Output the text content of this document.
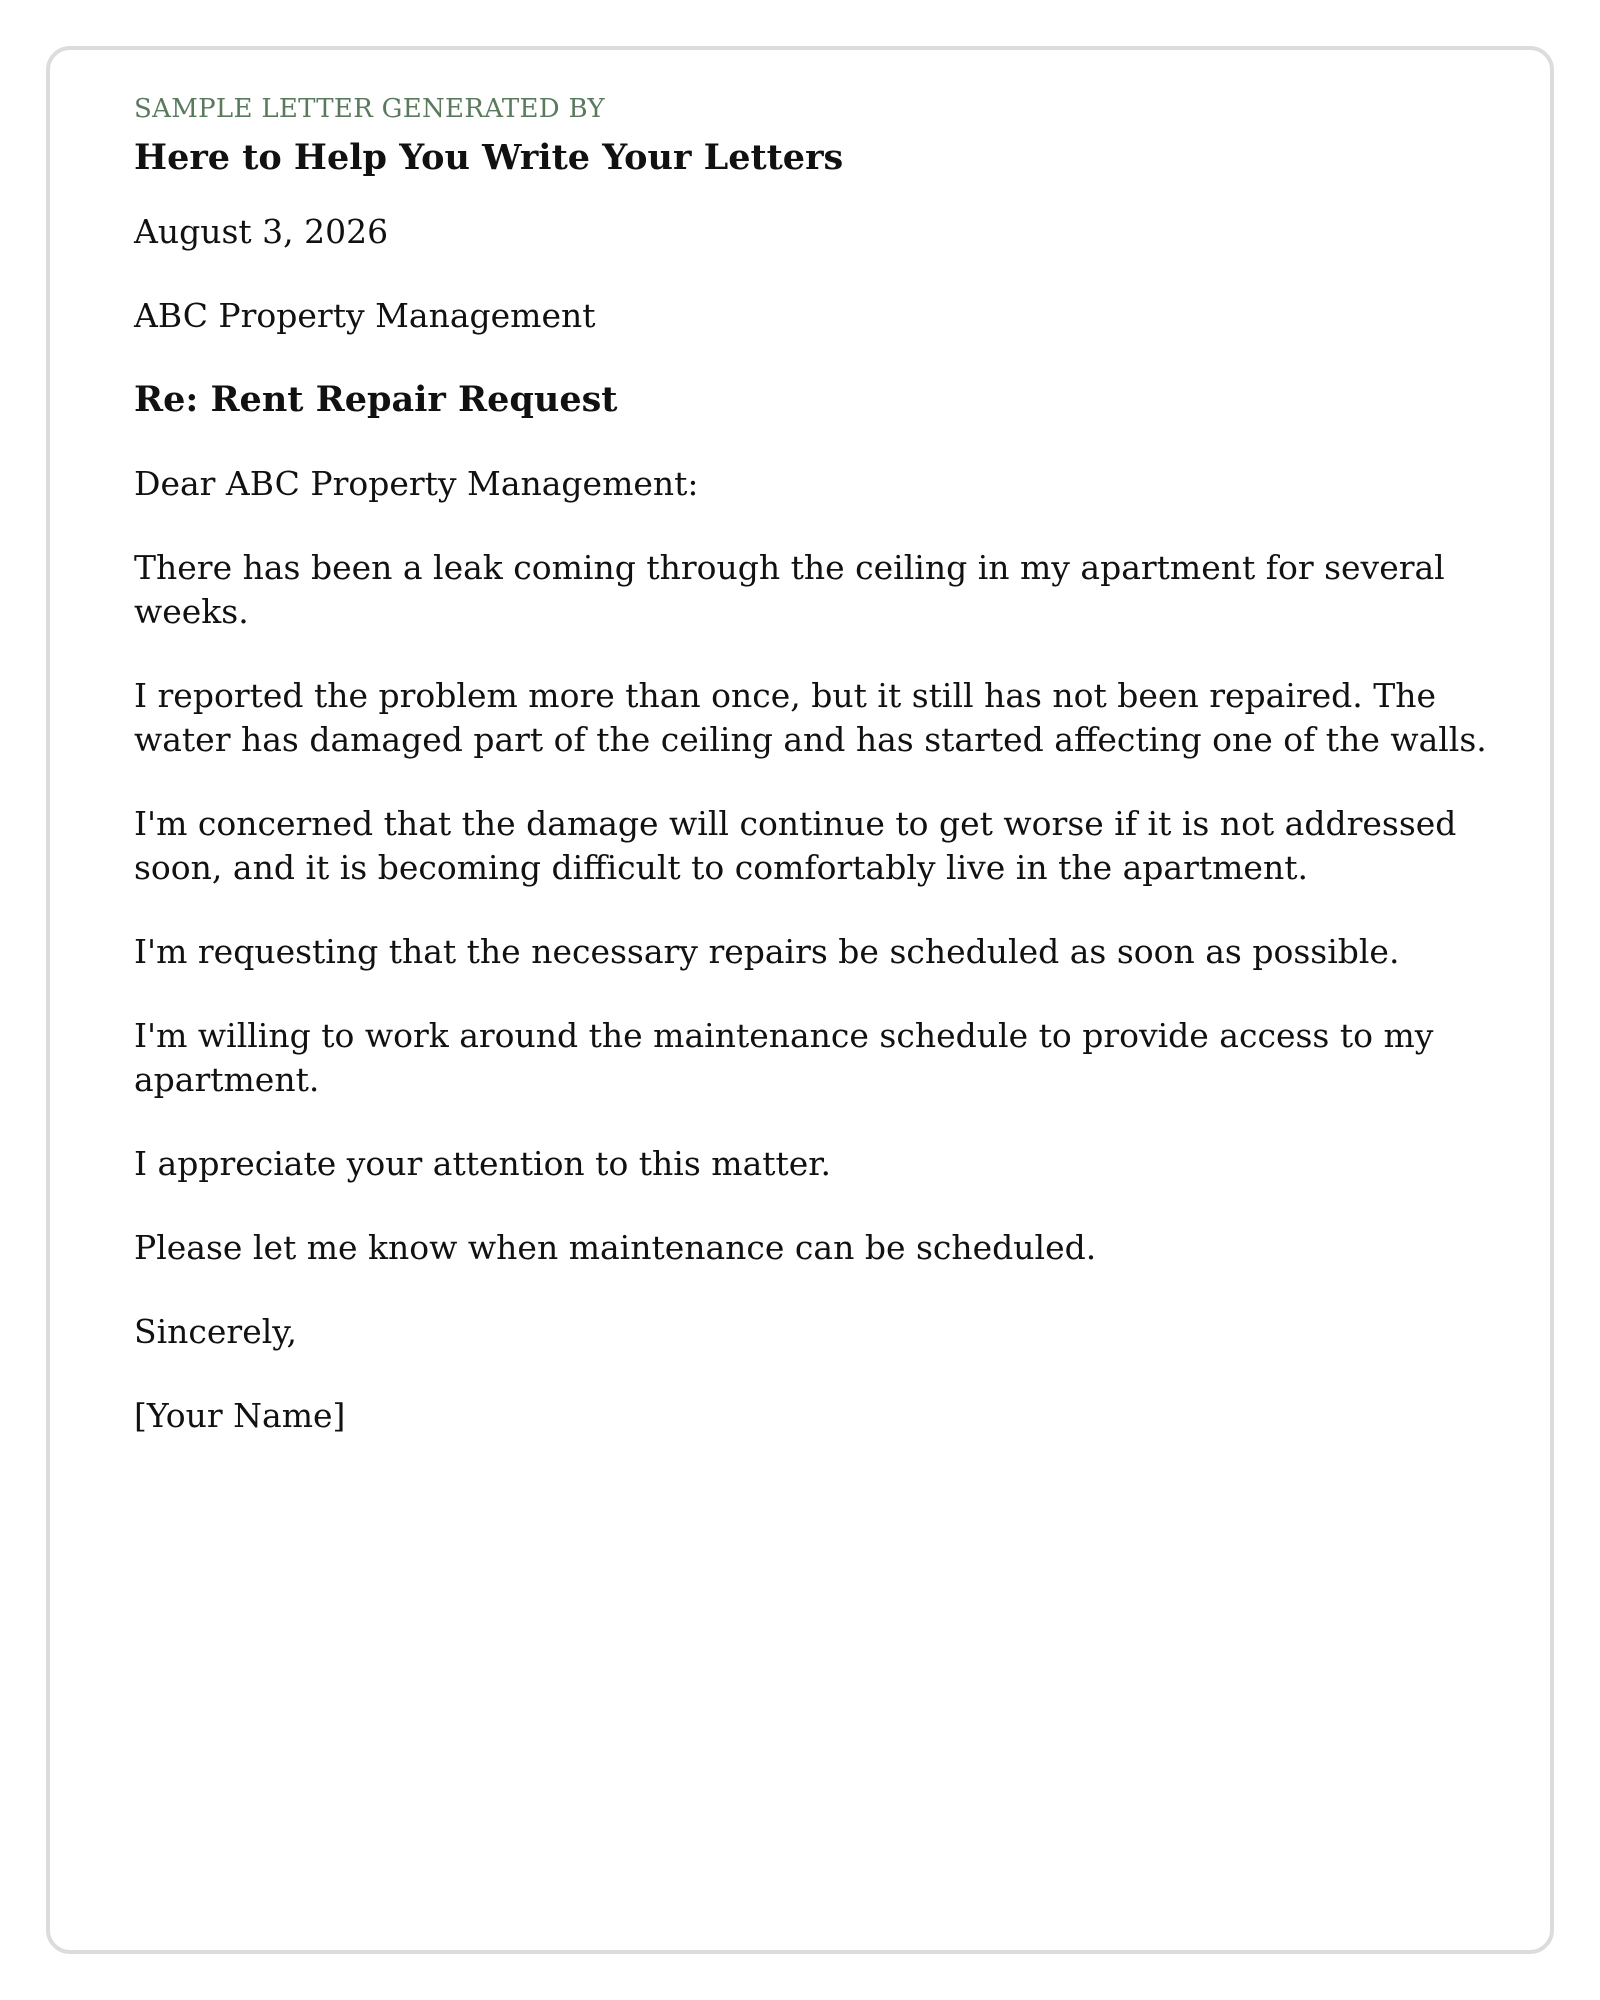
SAMPLE LETTER GENERATED BY

Here to Help You Write Your Letters

August 3, 2026

ABC Property Management

Re: Rent Repair Request

Dear ABC Property Management:

There has been a leak coming through the ceiling in my apartment for several weeks.

I reported the problem more than once, but it still has not been repaired. The water has damaged part of the ceiling and has started affecting one of the walls.

I'm concerned that the damage will continue to get worse if it is not addressed soon, and it is becoming difficult to comfortably live in the apartment.

I'm requesting that the necessary repairs be scheduled as soon as possible.

I'm willing to work around the maintenance schedule to provide access to my apartment.

I appreciate your attention to this matter.

Please let me know when maintenance can be scheduled.

Sincerely,

[Your Name]
